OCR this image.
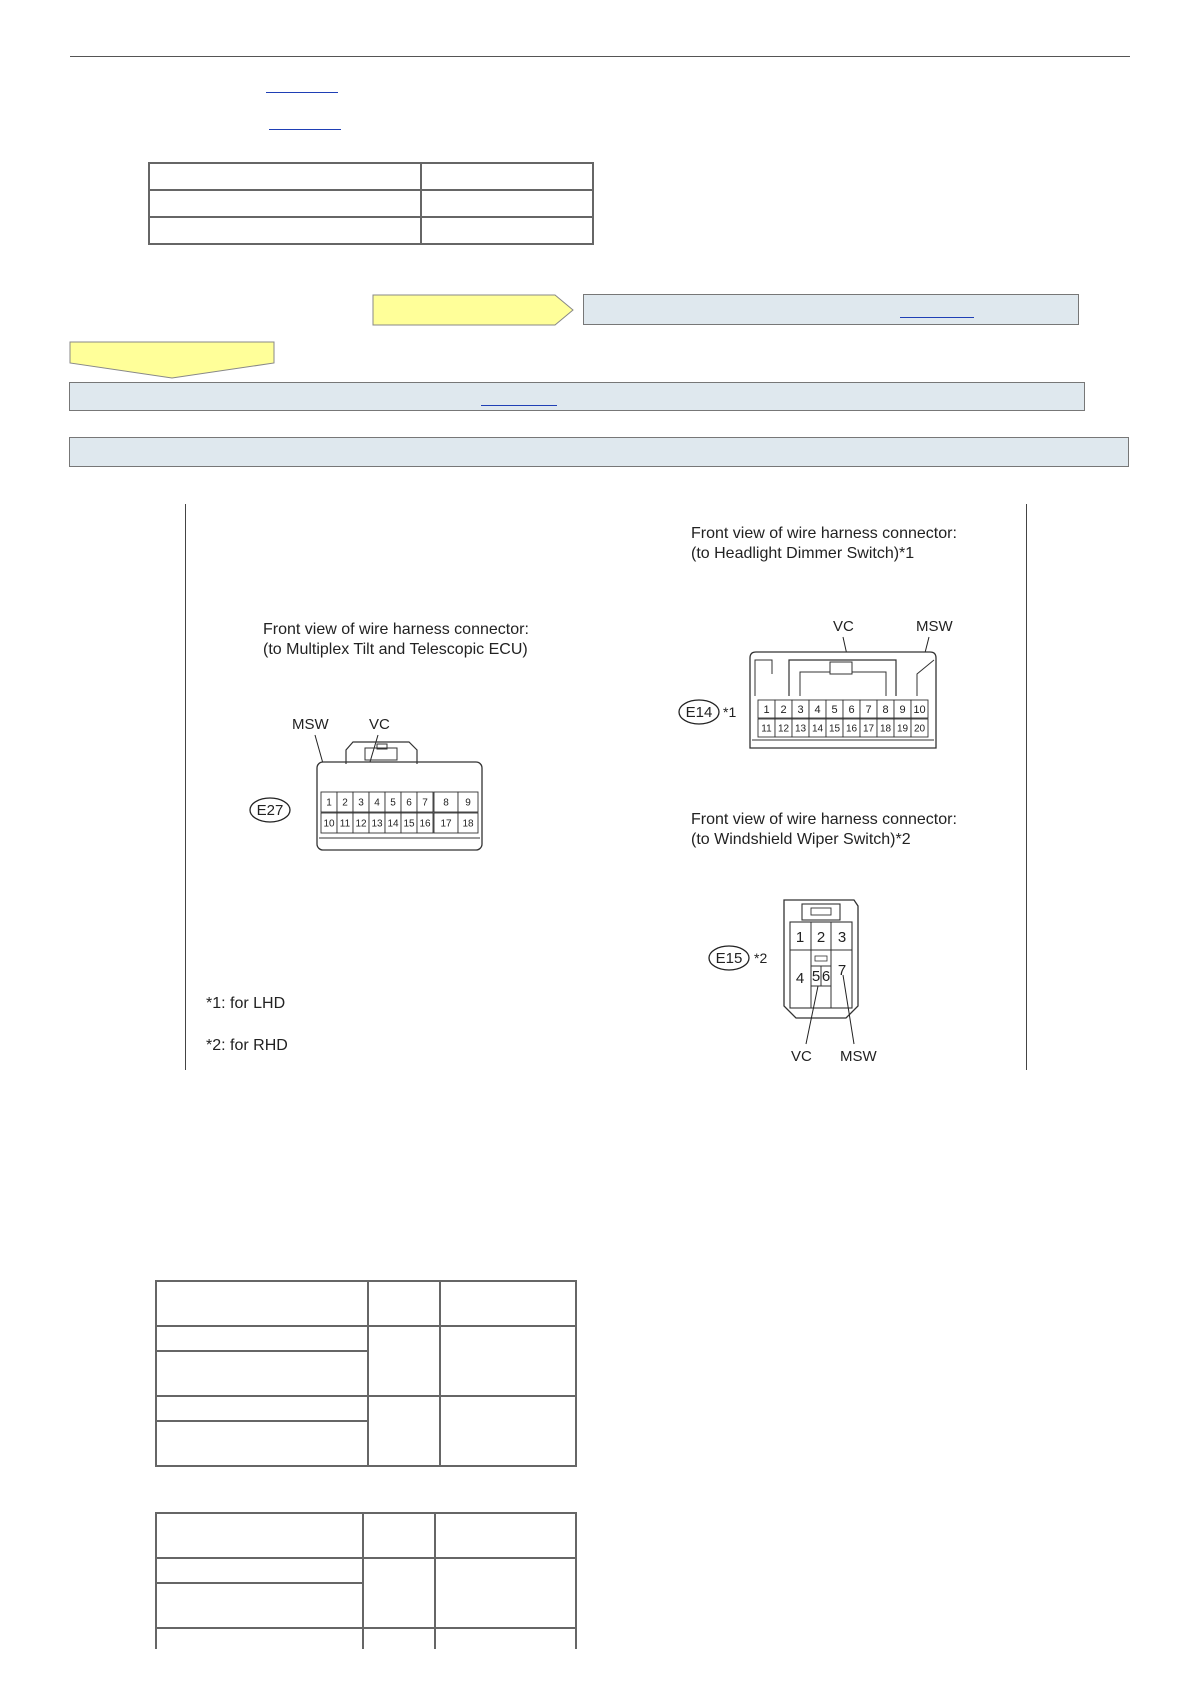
Front view of wire harness connector:
(to Multiplex Tilt and Telescopic ECU)
MSW	VC
E27	1 2 3 4 5 6 7 8 9
10 11 12 13 14 15 16 17 18
Front view of wire harness connector:
(to Headlight Dimmer Switch)*1
VC	MSW
E14 *1 1 2 3 4 5 6 7 8 9 10
11 12 13 14 15 16 17 18 19 20
Front view of wire harness connector:
(to Windshield Wiper Switch)*2
E15 *2
1 2 3
4 5 6 7
VC MSW
*1: for LHD
*2: for RHD
